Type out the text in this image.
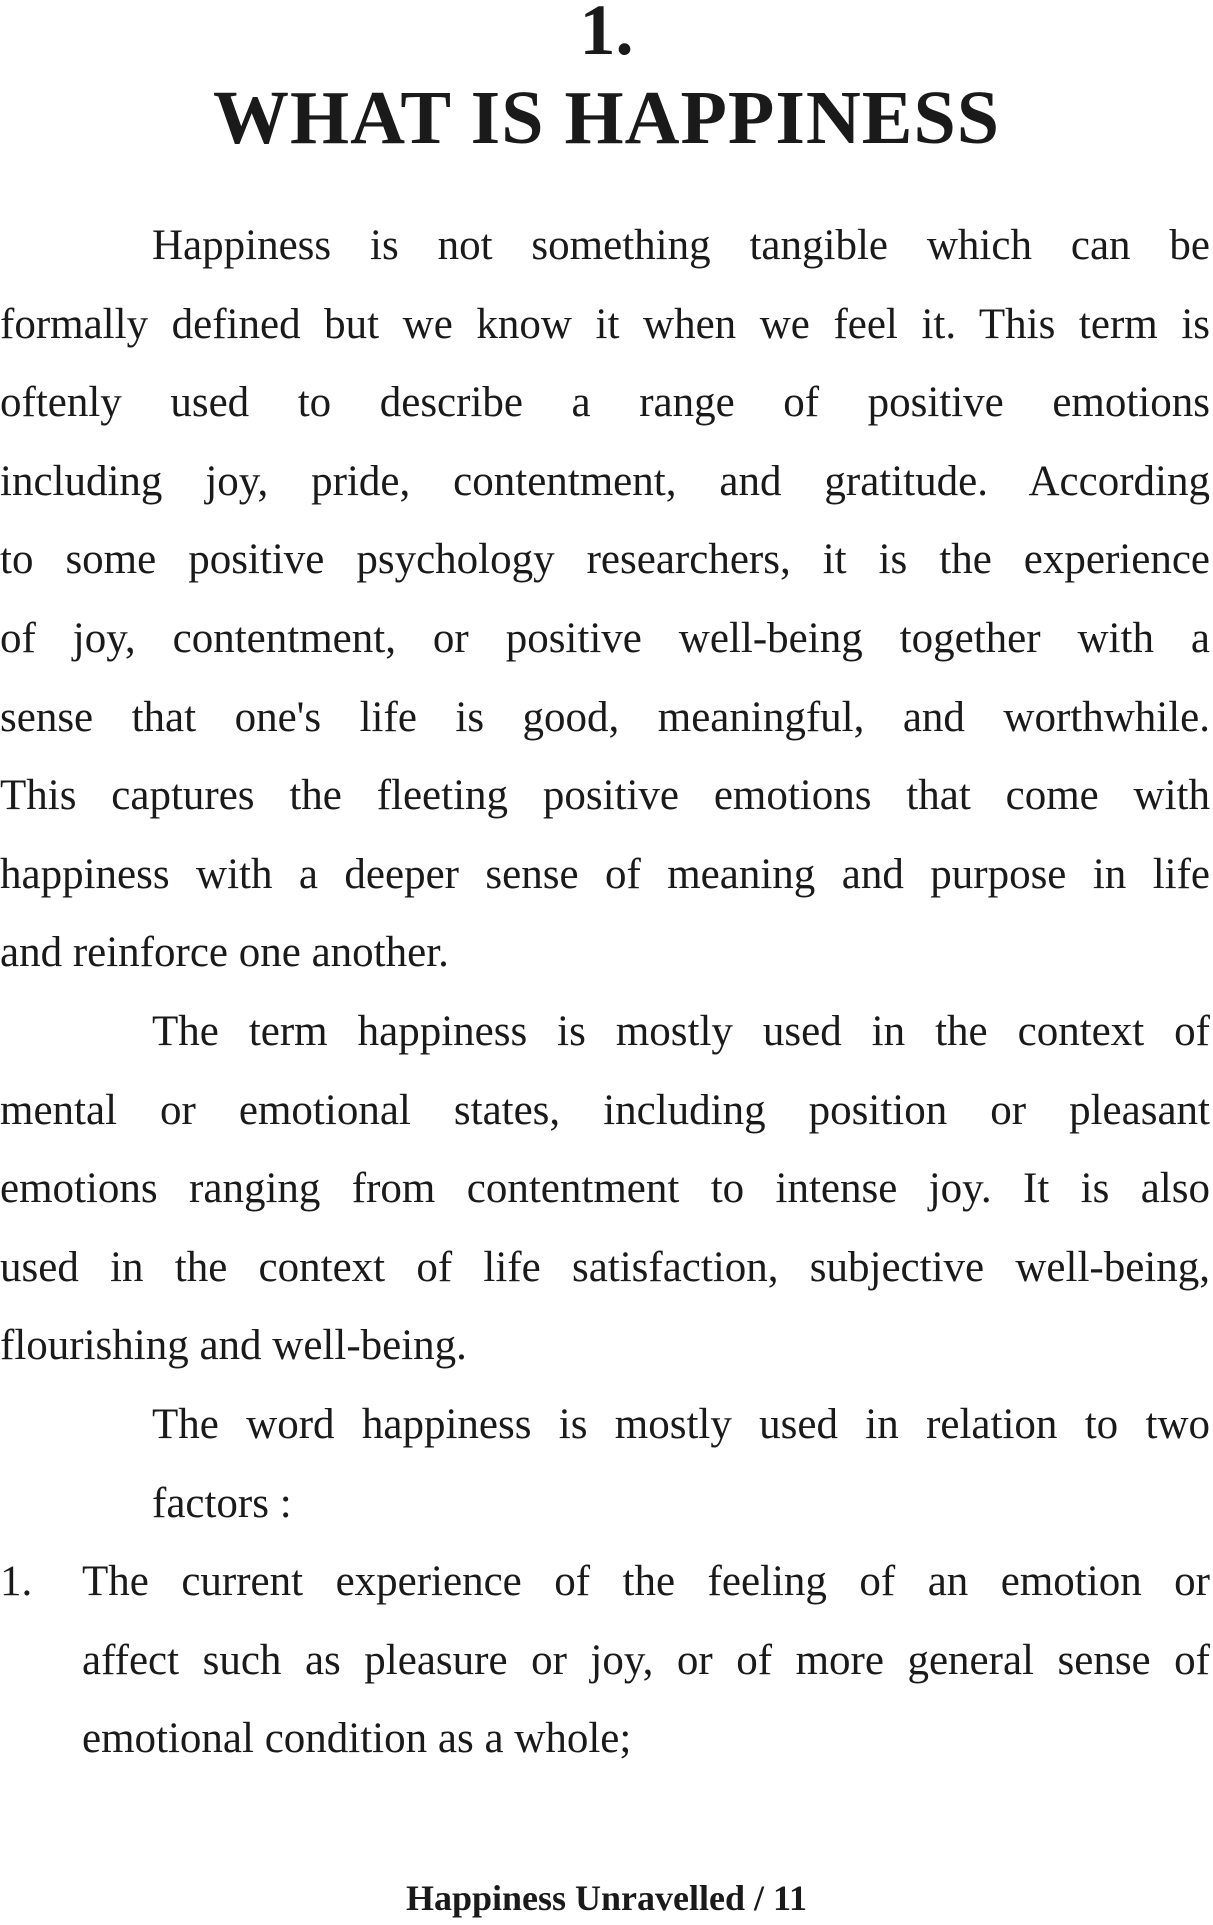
1.
WHAT IS HAPPINESS
Happiness is not something tangible which can be
formally defined but we know it when we feel it. This term is
oftenly used to describe a range of positive emotions
including joy, pride, contentment, and gratitude. According
to some positive psychology researchers, it is the experience
of joy, contentment, or positive well-being together with a
sense that one's life is good, meaningful, and worthwhile.
This captures the fleeting positive emotions that come with
happiness with a deeper sense of meaning and purpose in life
and reinforce one another.
The term happiness is mostly used in the context of
mental or emotional states, including position or pleasant
emotions ranging from contentment to intense joy. It is also
used in the context of life satisfaction, subjective well-being,
flourishing and well-being.
The word happiness is mostly used in relation to two
factors :
1. The current experience of the feeling of an emotion or
affect such as pleasure or joy, or of more general sense of
emotional condition as a whole;
Happiness Unravelled / 11
